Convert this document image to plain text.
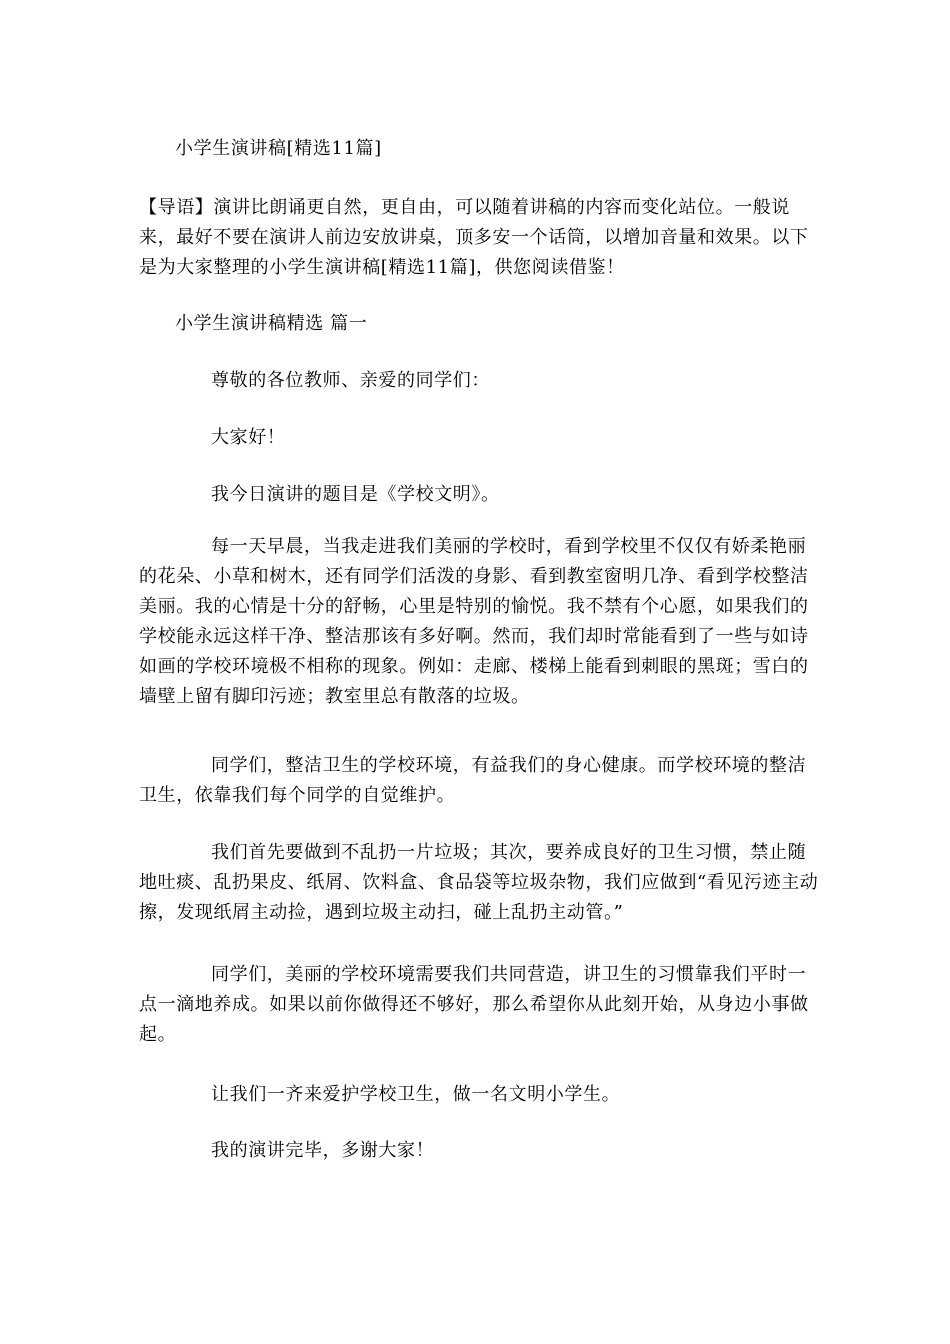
小学生演讲稿[精选11篇]
【导语】演讲比朗诵更自然，更自由，可以随着讲稿的内容而变化站位。一般说来，最好不要在演讲人前边安放讲桌，顶多安一个话筒，以增加音量和效果。以下是为大家整理的小学生演讲稿[精选11篇]，供您阅读借鉴！
小学生演讲稿精选 篇一
尊敬的各位教师、亲爱的同学们：
大家好！
我今日演讲的题目是《学校文明》。
每一天早晨，当我走进我们美丽的学校时，看到学校里不仅仅有娇柔艳丽的花朵、小草和树木，还有同学们活泼的身影、看到教室窗明几净、看到学校整洁美丽。我的心情是十分的舒畅，心里是特别的愉悦。我不禁有个心愿，如果我们的学校能永远这样干净、整洁那该有多好啊。然而，我们却时常能看到了一些与如诗如画的学校环境极不相称的现象。例如：走廊、楼梯上能看到刺眼的黑斑；雪白的墙壁上留有脚印污迹；教室里总有散落的垃圾。
同学们，整洁卫生的学校环境，有益我们的身心健康。而学校环境的整洁卫生，依靠我们每个同学的自觉维护。
我们首先要做到不乱扔一片垃圾；其次，要养成良好的卫生习惯，禁止随地吐痰、乱扔果皮、纸屑、饮料盒、食品袋等垃圾杂物，我们应做到“看见污迹主动擦，发现纸屑主动捡，遇到垃圾主动扫，碰上乱扔主动管。”
同学们，美丽的学校环境需要我们共同营造，讲卫生的习惯靠我们平时一点一滴地养成。如果以前你做得还不够好，那么希望你从此刻开始，从身边小事做起。
让我们一齐来爱护学校卫生，做一名文明小学生。
我的演讲完毕，多谢大家！
